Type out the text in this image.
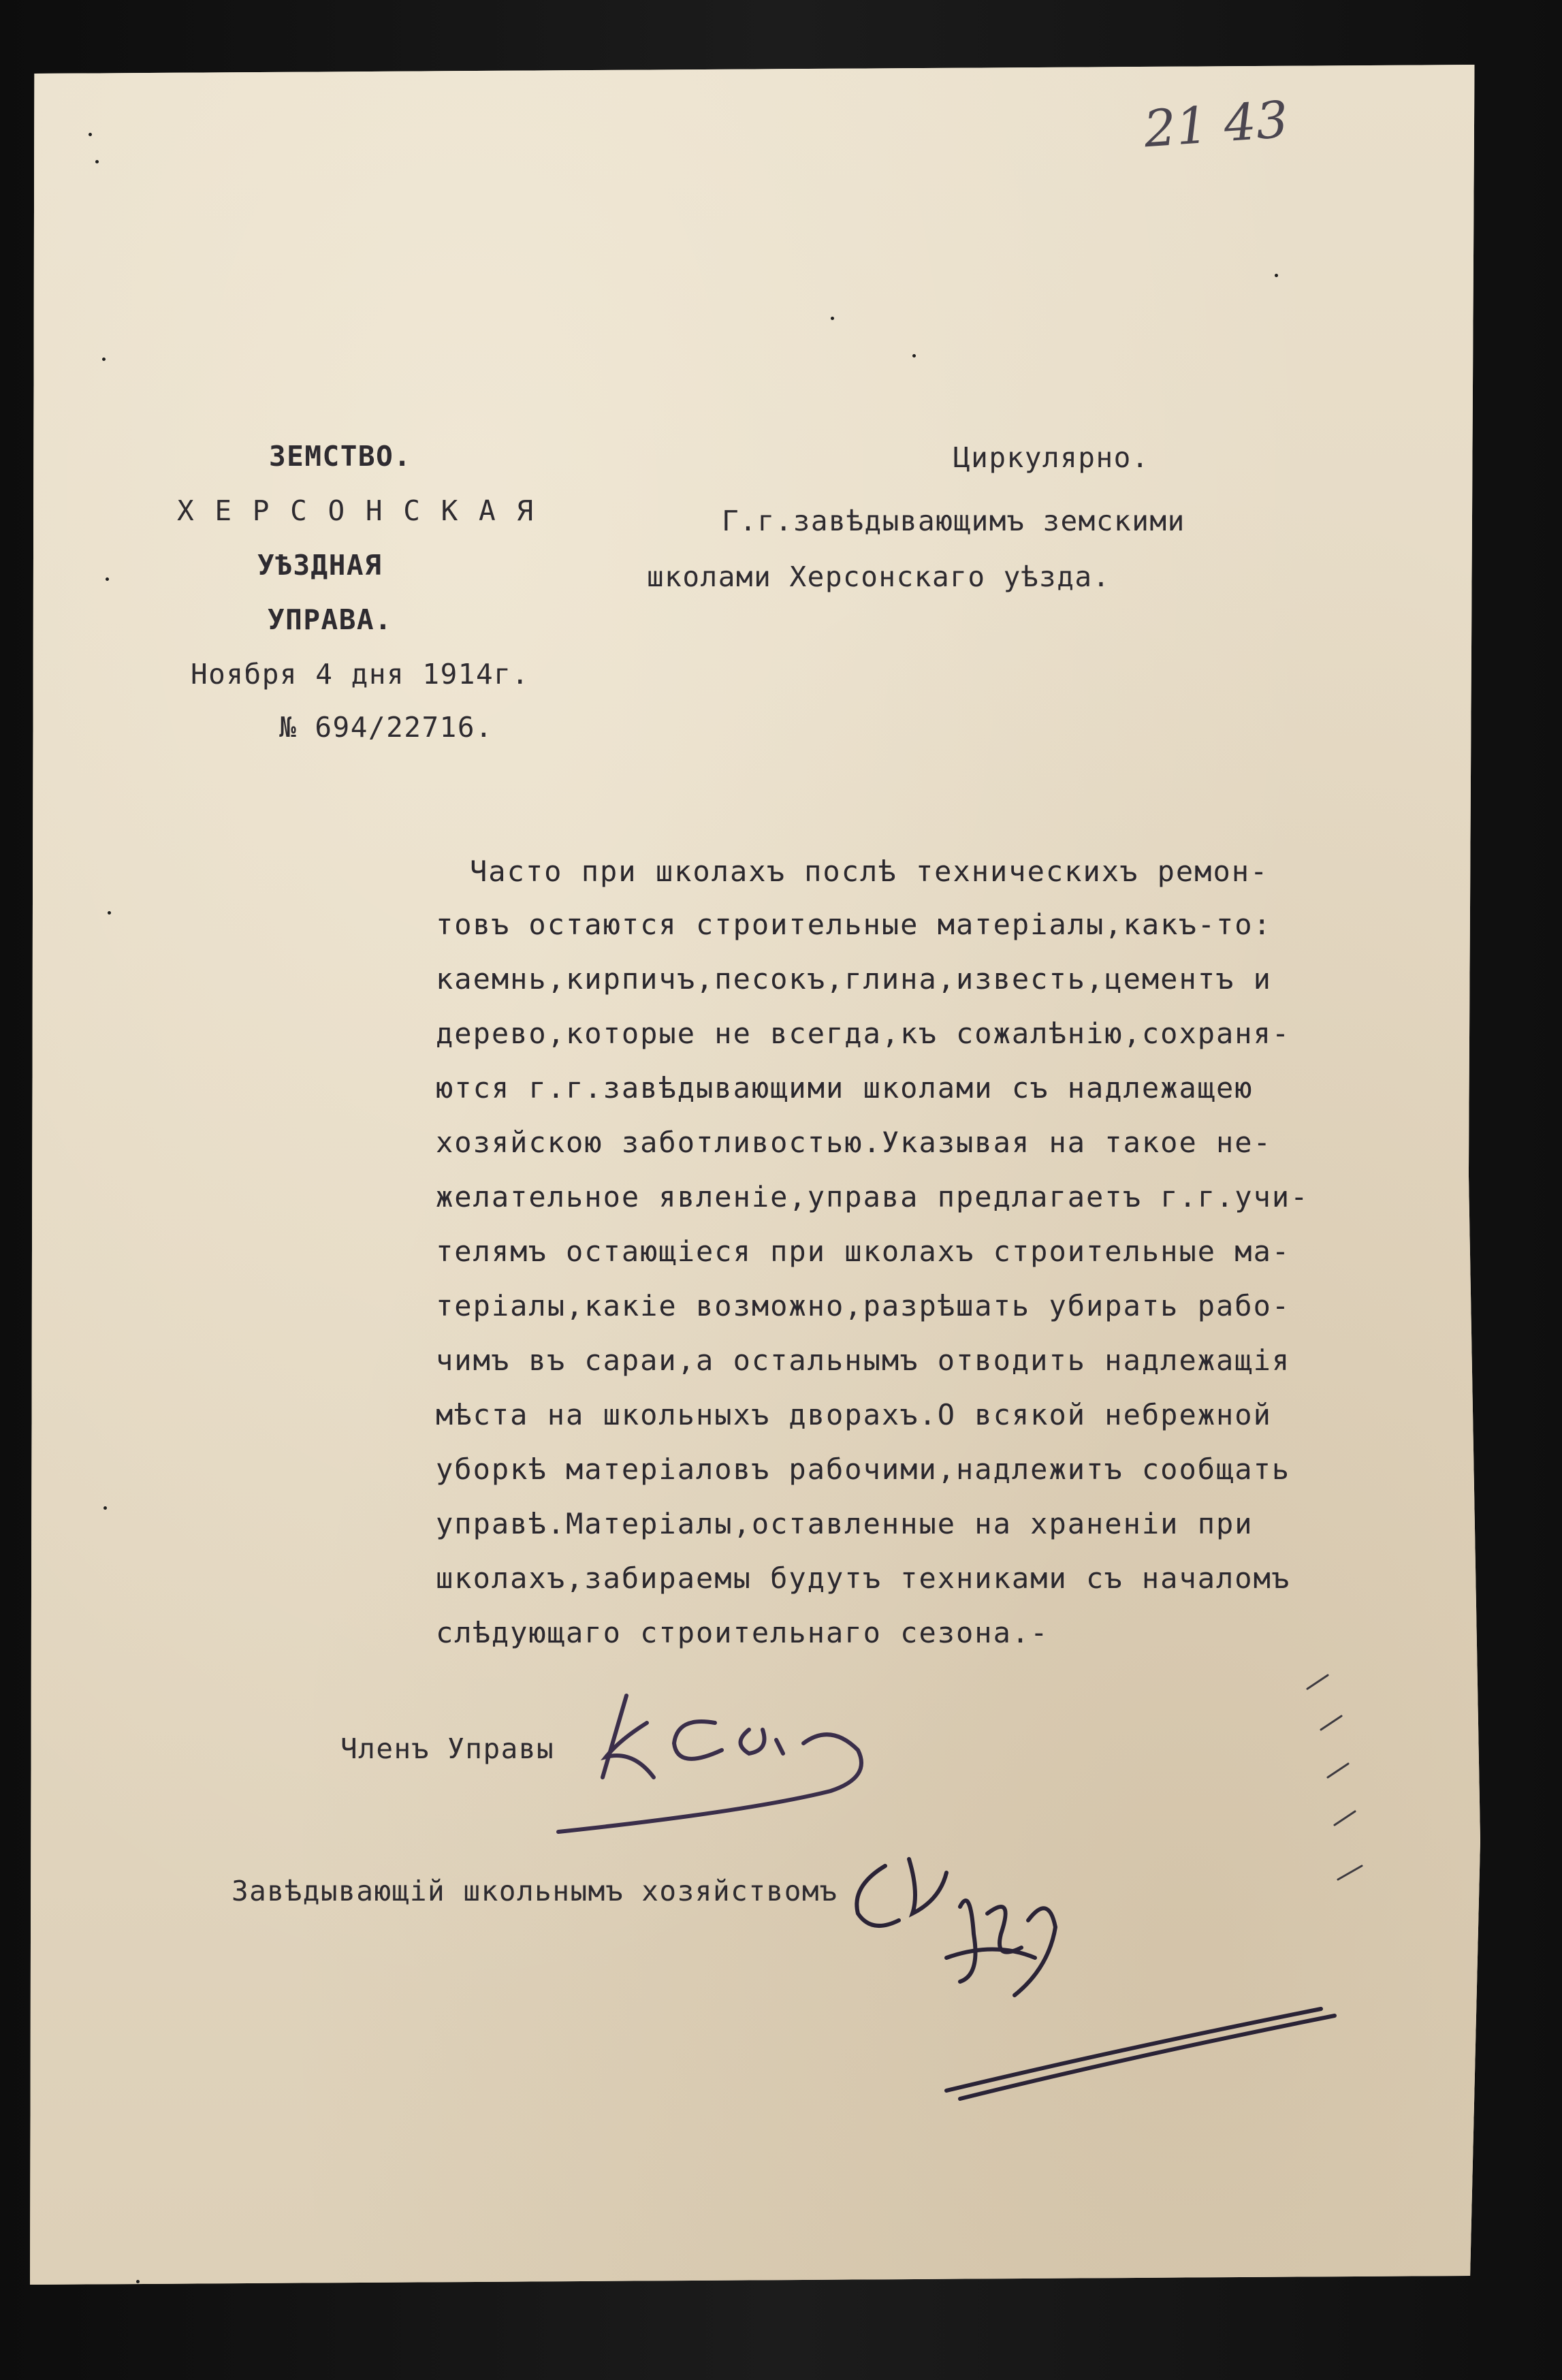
21 43
ЗЕМСТВО.
Х Е Р С О Н С К А Я
УѢЗДНАЯ
УПРАВА.
Ноября 4 дня 1914г.
№ 694/22716.
Циркулярно.
Г.г.завѣдывающимъ земскими
школами Херсонскаго уѣзда.
Часто при школахъ послѣ техническихъ ремон-
товъ остаются строительные матеріалы,какъ-то:
каемнь,кирпичъ,песокъ,глина,известь,цементъ и
дерево,которые не всегда,къ сожалѣнію,сохраня-
ются г.г.завѣдывающими школами съ надлежащею
хозяйскою заботливостью.Указывая на такое не-
желательное явленіе,управа предлагаетъ г.г.учи-
телямъ остающіеся при школахъ строительные ма-
теріалы,какіе возможно,разрѣшать убирать рабо-
чимъ въ сараи,а остальнымъ отводить надлежащія
мѣста на школьныхъ дворахъ.О всякой небрежной
уборкѣ матеріаловъ рабочими,надлежитъ сообщать
управѣ.Матеріалы,оставленные на храненіи при
школахъ,забираемы будутъ техниками съ началомъ
слѣдующаго строительнаго сезона.-
Членъ Управы
Завѣдывающій школьнымъ хозяйствомъ
